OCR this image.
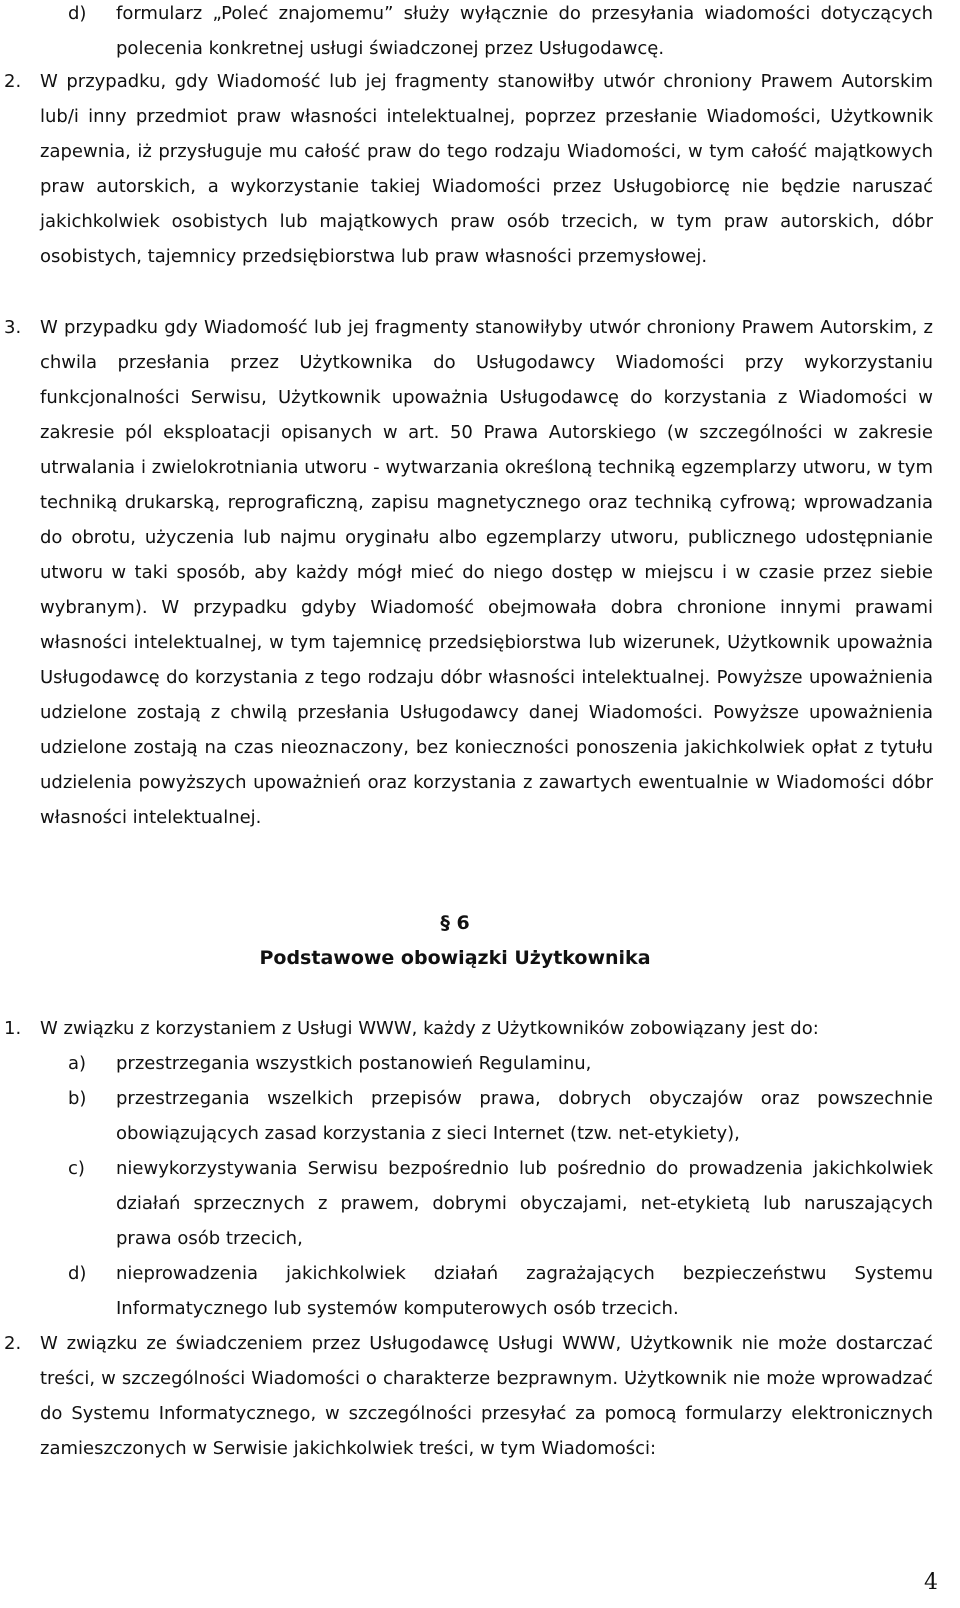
d) formularz „Poleć znajomemu” służy wyłącznie do przesyłania wiadomości dotyczących polecenia konkretnej usługi świadczonej przez Usługodawcę.
2. W przypadku, gdy Wiadomość lub jej fragmenty stanowiłby utwór chroniony Prawem Autorskim lub/i inny przedmiot praw własności intelektualnej, poprzez przesłanie Wiadomości, Użytkownik zapewnia, iż przysługuje mu całość praw do tego rodzaju Wiadomości, w tym całość majątkowych praw autorskich, a wykorzystanie takiej Wiadomości przez Usługobiorcę nie będzie naruszać jakichkolwiek osobistych lub majątkowych praw osób trzecich, w tym praw autorskich, dóbr osobistych, tajemnicy przedsiębiorstwa lub praw własności przemysłowej.
3. W przypadku gdy Wiadomość lub jej fragmenty stanowiłyby utwór chroniony Prawem Autorskim, z chwila przesłania przez Użytkownika do Usługodawcy Wiadomości przy wykorzystaniu funkcjonalności Serwisu, Użytkownik upoważnia Usługodawcę do korzystania z Wiadomości w zakresie pól eksploatacji opisanych w art. 50 Prawa Autorskiego (w szczególności w zakresie utrwalania i zwielokrotniania utworu - wytwarzania określoną techniką egzemplarzy utworu, w tym techniką drukarską, reprograficzną, zapisu magnetycznego oraz techniką cyfrową; wprowadzania do obrotu, użyczenia lub najmu oryginału albo egzemplarzy utworu, publicznego udostępnianie utworu w taki sposób, aby każdy mógł mieć do niego dostęp w miejscu i w czasie przez siebie wybranym). W przypadku gdyby Wiadomość obejmowała dobra chronione innymi prawami własności intelektualnej, w tym tajemnicę przedsiębiorstwa lub wizerunek, Użytkownik upoważnia Usługodawcę do korzystania z tego rodzaju dóbr własności intelektualnej. Powyższe upoważnienia udzielone zostają z chwilą przesłania Usługodawcy danej Wiadomości. Powyższe upoważnienia udzielone zostają na czas nieoznaczony, bez konieczności ponoszenia jakichkolwiek opłat z tytułu udzielenia powyższych upoważnień oraz korzystania z zawartych ewentualnie w Wiadomości dóbr własności intelektualnej.
§ 6
Podstawowe obowiązki Użytkownika
1. W związku z korzystaniem z Usługi WWW, każdy z Użytkowników zobowiązany jest do:
a) przestrzegania wszystkich postanowień Regulaminu,
b) przestrzegania wszelkich przepisów prawa, dobrych obyczajów oraz powszechnie obowiązujących zasad korzystania z sieci Internet (tzw. net-etykiety),
c) niewykorzystywania Serwisu bezpośrednio lub pośrednio do prowadzenia jakichkolwiek działań sprzecznych z prawem, dobrymi obyczajami, net-etykietą lub naruszających prawa osób trzecich,
d) nieprowadzenia jakichkolwiek działań zagrażających bezpieczeństwu Systemu Informatycznego lub systemów komputerowych osób trzecich.
2. W związku ze świadczeniem przez Usługodawcę Usługi WWW, Użytkownik nie może dostarczać treści, w szczególności Wiadomości o charakterze bezprawnym. Użytkownik nie może wprowadzać do Systemu Informatycznego, w szczególności przesyłać za pomocą formularzy elektronicznych zamieszczonych w Serwisie jakichkolwiek treści, w tym Wiadomości:
4
